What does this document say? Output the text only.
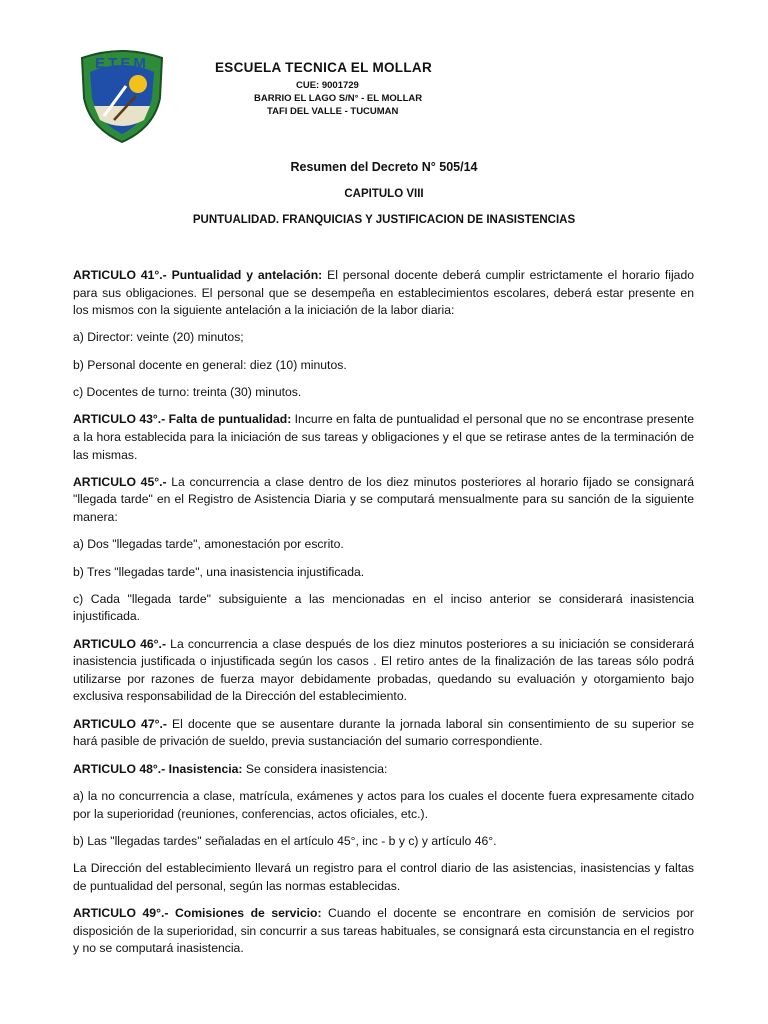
ETEM	ESCUELA TECNICA EL MOLLAR
CUE: 9001729
BARRIO EL LAGO S/N° - EL MOLLAR
TAFI DEL VALLE - TUCUMAN
Resumen del Decreto N° 505/14
CAPITULO VIII
PUNTUALIDAD. FRANQUICIAS Y JUSTIFICACION DE INASISTENCIAS

ARTICULO 41°.- Puntualidad y antelación: El personal docente deberá cumplir estrictamente el horario fijado para sus obligaciones. El personal que se desempeña en establecimientos escolares, deberá estar presente en los mismos con la siguiente antelación a la iniciación de la labor diaria:

a) Director: veinte (20) minutos;

b) Personal docente en general: diez (10) minutos.

c) Docentes de turno: treinta (30) minutos.

ARTICULO 43°.- Falta de puntualidad: Incurre en falta de puntualidad el personal que no se encontrase presente a la hora establecida para la iniciación de sus tareas y obligaciones y el que se retirase antes de la terminación de las mismas.

ARTICULO 45°.- La concurrencia a clase dentro de los diez minutos posteriores al horario fijado se consignará "llegada tarde" en el Registro de Asistencia Diaria y se computará mensualmente para su sanción de la siguiente manera:

a) Dos "llegadas tarde", amonestación por escrito.

b) Tres "llegadas tarde", una inasistencia injustificada.

c) Cada "llegada tarde" subsiguiente a las mencionadas en el inciso anterior se considerará inasistencia injustificada.

ARTICULO 46°.- La concurrencia a clase después de los diez minutos posteriores a su iniciación se considerará inasistencia justificada o injustificada según los casos . El retiro antes de la finalización de las tareas sólo podrá utilizarse por razones de fuerza mayor debidamente probadas, quedando su evaluación y otorgamiento bajo exclusiva responsabilidad de la Dirección del establecimiento.

ARTICULO 47°.- El docente que se ausentare durante la jornada laboral sin consentimiento de su superior se hará pasible de privación de sueldo, previa sustanciación del sumario correspondiente.

ARTICULO 48°.- Inasistencia: Se considera inasistencia:

a) la no concurrencia a clase, matrícula, exámenes y actos para los cuales el docente fuera expresamente citado por la superioridad (reuniones, conferencias, actos oficiales, etc.).

b) Las "llegadas tardes" señaladas en el artículo 45°, inc - b y c) y artículo 46°.

La Dirección del establecimiento llevará un registro para el control diario de las asistencias, inasistencias y faltas de puntualidad del personal, según las normas establecidas.

ARTICULO 49°.- Comisiones de servicio: Cuando el docente se encontrare en comisión de servicios por disposición de la superioridad, sin concurrir a sus tareas habituales, se consignará esta circunstancia en el registro y no se computará inasistencia.
